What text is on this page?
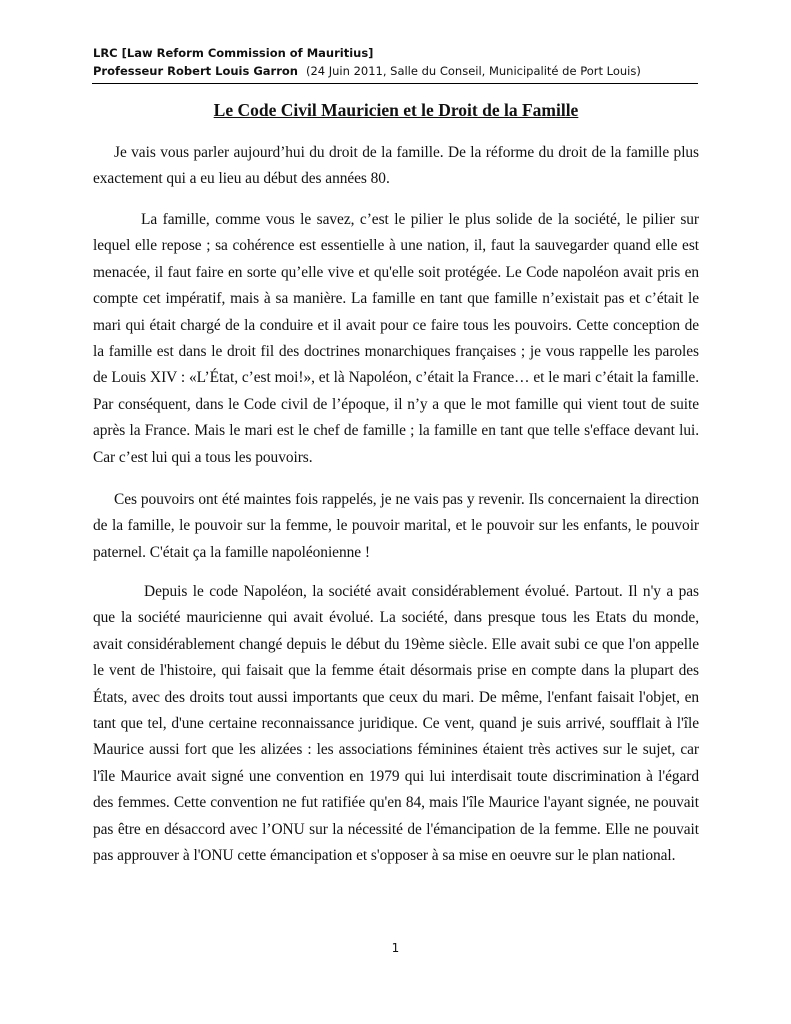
LRC [Law Reform Commission of Mauritius]
Professeur Robert Louis Garron (24 Juin 2011, Salle du Conseil, Municipalité de Port Louis)
Le Code Civil Mauricien et le Droit de la Famille

Je vais vous parler aujourd’hui du droit de la famille. De la réforme du droit de la famille plus exactement qui a eu lieu au début des années 80.

La famille, comme vous le savez, c’est le pilier le plus solide de la société, le pilier sur lequel elle repose ; sa cohérence est essentielle à une nation, il, faut la sauvegarder quand elle est menacée, il faut faire en sorte qu’elle vive et qu'elle soit protégée. Le Code napoléon avait pris en compte cet impératif, mais à sa manière. La famille en tant que famille n’existait pas et c’était le mari qui était chargé de la conduire et il avait pour ce faire tous les pouvoirs. Cette conception de la famille est dans le droit fil des doctrines monarchiques françaises ; je vous rappelle les paroles de Louis XIV : «L’État, c’est moi!», et là Napoléon, c’était la France… et le mari c’était la famille. Par conséquent, dans le Code civil de l’époque, il n’y a que le mot famille qui vient tout de suite après la France. Mais le mari est le chef de famille ; la famille en tant que telle s'efface devant lui. Car c’est lui qui a tous les pouvoirs.

Ces pouvoirs ont été maintes fois rappelés, je ne vais pas y revenir. Ils concernaient la direction de la famille, le pouvoir sur la femme, le pouvoir marital, et le pouvoir sur les enfants, le pouvoir paternel. C'était ça la famille napoléonienne !

Depuis le code Napoléon, la société avait considérablement évolué. Partout. Il n'y a pas que la société mauricienne qui avait évolué. La société, dans presque tous les Etats du monde, avait considérablement changé depuis le début du 19ème siècle. Elle avait subi ce que l'on appelle le vent de l'histoire, qui faisait que la femme était désormais prise en compte dans la plupart des États, avec des droits tout aussi importants que ceux du mari. De même, l'enfant faisait l'objet, en tant que tel, d'une certaine reconnaissance juridique. Ce vent, quand je suis arrivé, soufflait à l'île Maurice aussi fort que les alizées : les associations féminines étaient très actives sur le sujet, car l'île Maurice avait signé une convention en 1979 qui lui interdisait toute discrimination à l'égard des femmes. Cette convention ne fut ratifiée qu'en 84, mais l'île Maurice l'ayant signée, ne pouvait pas être en désaccord avec l’ONU sur la nécessité de l'émancipation de la femme. Elle ne pouvait pas approuver à l'ONU cette émancipation et s'opposer à sa mise en oeuvre sur le plan national.

1
